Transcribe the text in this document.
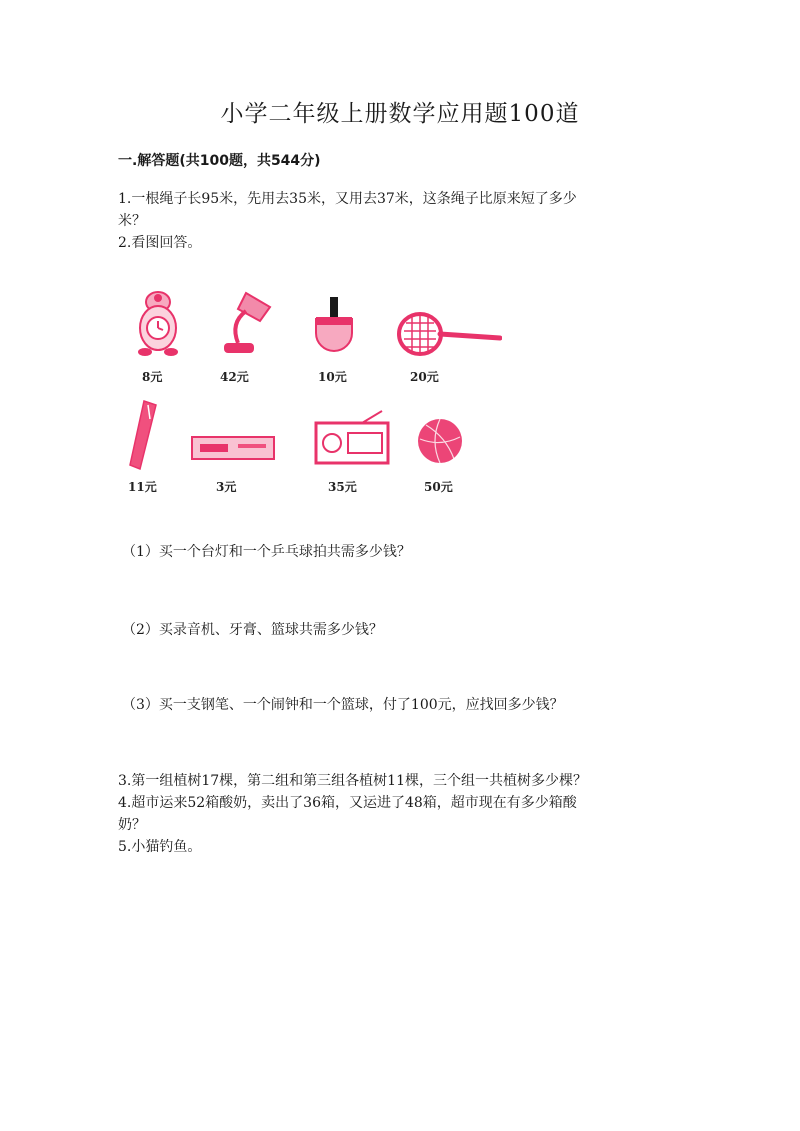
小学二年级上册数学应用题100道
一.解答题(共100题，共544分)
1.一根绳子长95米，先用去35米，又用去37米，这条绳子比原来短了多少
米？
2.看图回答。
8元	42元	10元	20元
11元	3元	35元	50元
（1）买一个台灯和一个乒乓球拍共需多少钱？
（2）买录音机、牙膏、篮球共需多少钱？
（3）买一支钢笔、一个闹钟和一个篮球，付了100元，应找回多少钱？
3.第一组植树17棵，第二组和第三组各植树11棵，三个组一共植树多少棵？
4.超市运来52箱酸奶，卖出了36箱，又运进了48箱，超市现在有多少箱酸
奶？
5.小猫钓鱼。
